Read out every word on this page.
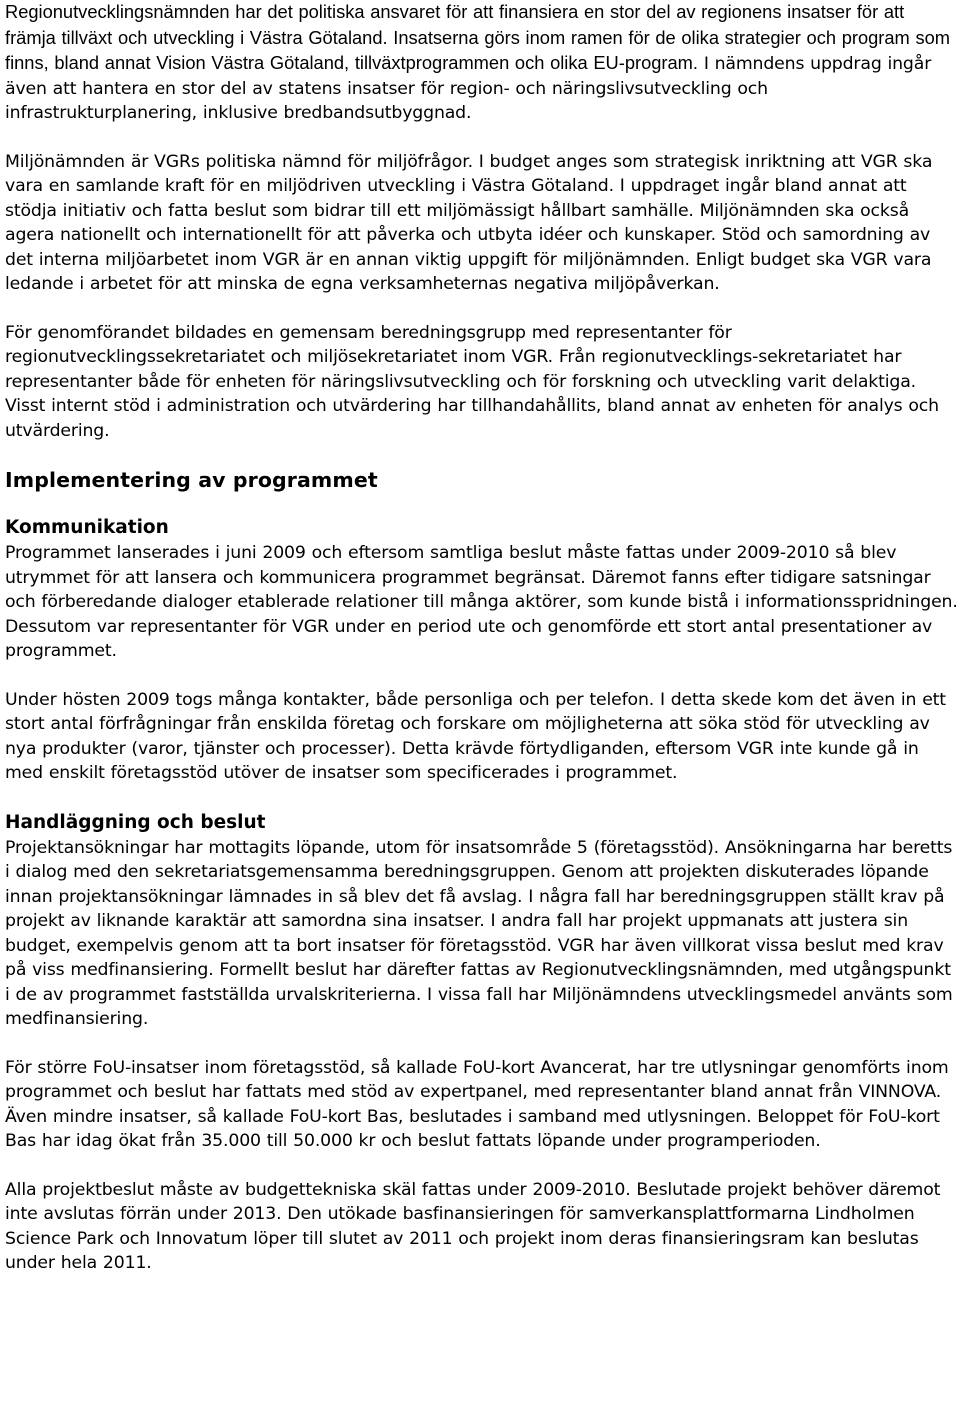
Regionutvecklingsnämnden har det politiska ansvaret för att finansiera en stor del av regionens insatser för att främja tillväxt och utveckling i Västra Götaland. Insatserna görs inom ramen för de olika strategier och program som finns, bland annat Vision Västra Götaland, tillväxtprogrammen och olika EU-program. I nämndens uppdrag ingår även att hantera en stor del av statens insatser för region- och näringslivsutveckling och infrastrukturplanering, inklusive bredbandsutbyggnad.

Miljönämnden är VGRs politiska nämnd för miljöfrågor. I budget anges som strategisk inriktning att VGR ska vara en samlande kraft för en miljödriven utveckling i Västra Götaland. I uppdraget ingår bland annat att stödja initiativ och fatta beslut som bidrar till ett miljömässigt hållbart samhälle. Miljönämnden ska också agera nationellt och internationellt för att påverka och utbyta idéer och kunskaper. Stöd och samordning av det interna miljöarbetet inom VGR är en annan viktig uppgift för miljönämnden. Enligt budget ska VGR vara ledande i arbetet för att minska de egna verksamheternas negativa miljöpåverkan.

För genomförandet bildades en gemensam beredningsgrupp med representanter för regionutvecklingssekretariatet och miljösekretariatet inom VGR. Från regionutvecklings-sekretariatet har representanter både för enheten för näringslivsutveckling och för forskning och utveckling varit delaktiga. Visst internt stöd i administration och utvärdering har tillhandahållits, bland annat av enheten för analys och utvärdering.

Implementering av programmet
Kommunikation

Programmet lanserades i juni 2009 och eftersom samtliga beslut måste fattas under 2009-2010 så blev utrymmet för att lansera och kommunicera programmet begränsat. Däremot fanns efter tidigare satsningar och förberedande dialoger etablerade relationer till många aktörer, som kunde bistå i informationsspridningen. Dessutom var representanter för VGR under en period ute och genomförde ett stort antal presentationer av programmet.

Under hösten 2009 togs många kontakter, både personliga och per telefon. I detta skede kom det även in ett stort antal förfrågningar från enskilda företag och forskare om möjligheterna att söka stöd för utveckling av nya produkter (varor, tjänster och processer). Detta krävde förtydliganden, eftersom VGR inte kunde gå in med enskilt företagsstöd utöver de insatser som specificerades i programmet.

Handläggning och beslut

Projektansökningar har mottagits löpande, utom för insatsområde 5 (företagsstöd). Ansökningarna har beretts i dialog med den sekretariatsgemensamma beredningsgruppen. Genom att projekten diskuterades löpande innan projektansökningar lämnades in så blev det få avslag. I några fall har beredningsgruppen ställt krav på projekt av liknande karaktär att samordna sina insatser. I andra fall har projekt uppmanats att justera sin budget, exempelvis genom att ta bort insatser för företagsstöd. VGR har även villkorat vissa beslut med krav på viss medfinansiering. Formellt beslut har därefter fattas av Regionutvecklingsnämnden, med utgångspunkt i de av programmet fastställda urvalskriterierna. I vissa fall har Miljönämndens utvecklingsmedel använts som medfinansiering.

För större FoU-insatser inom företagsstöd, så kallade FoU-kort Avancerat, har tre utlysningar genomförts inom programmet och beslut har fattats med stöd av expertpanel, med representanter bland annat från VINNOVA. Även mindre insatser, så kallade FoU-kort Bas, beslutades i samband med utlysningen. Beloppet för FoU-kort Bas har idag ökat från 35.000 till 50.000 kr och beslut fattats löpande under programperioden.

Alla projektbeslut måste av budgettekniska skäl fattas under 2009-2010. Beslutade projekt behöver däremot inte avslutas förrän under 2013. Den utökade basfinansieringen för samverkansplattformarna Lindholmen Science Park och Innovatum löper till slutet av 2011 och projekt inom deras finansieringsram kan beslutas under hela 2011.
